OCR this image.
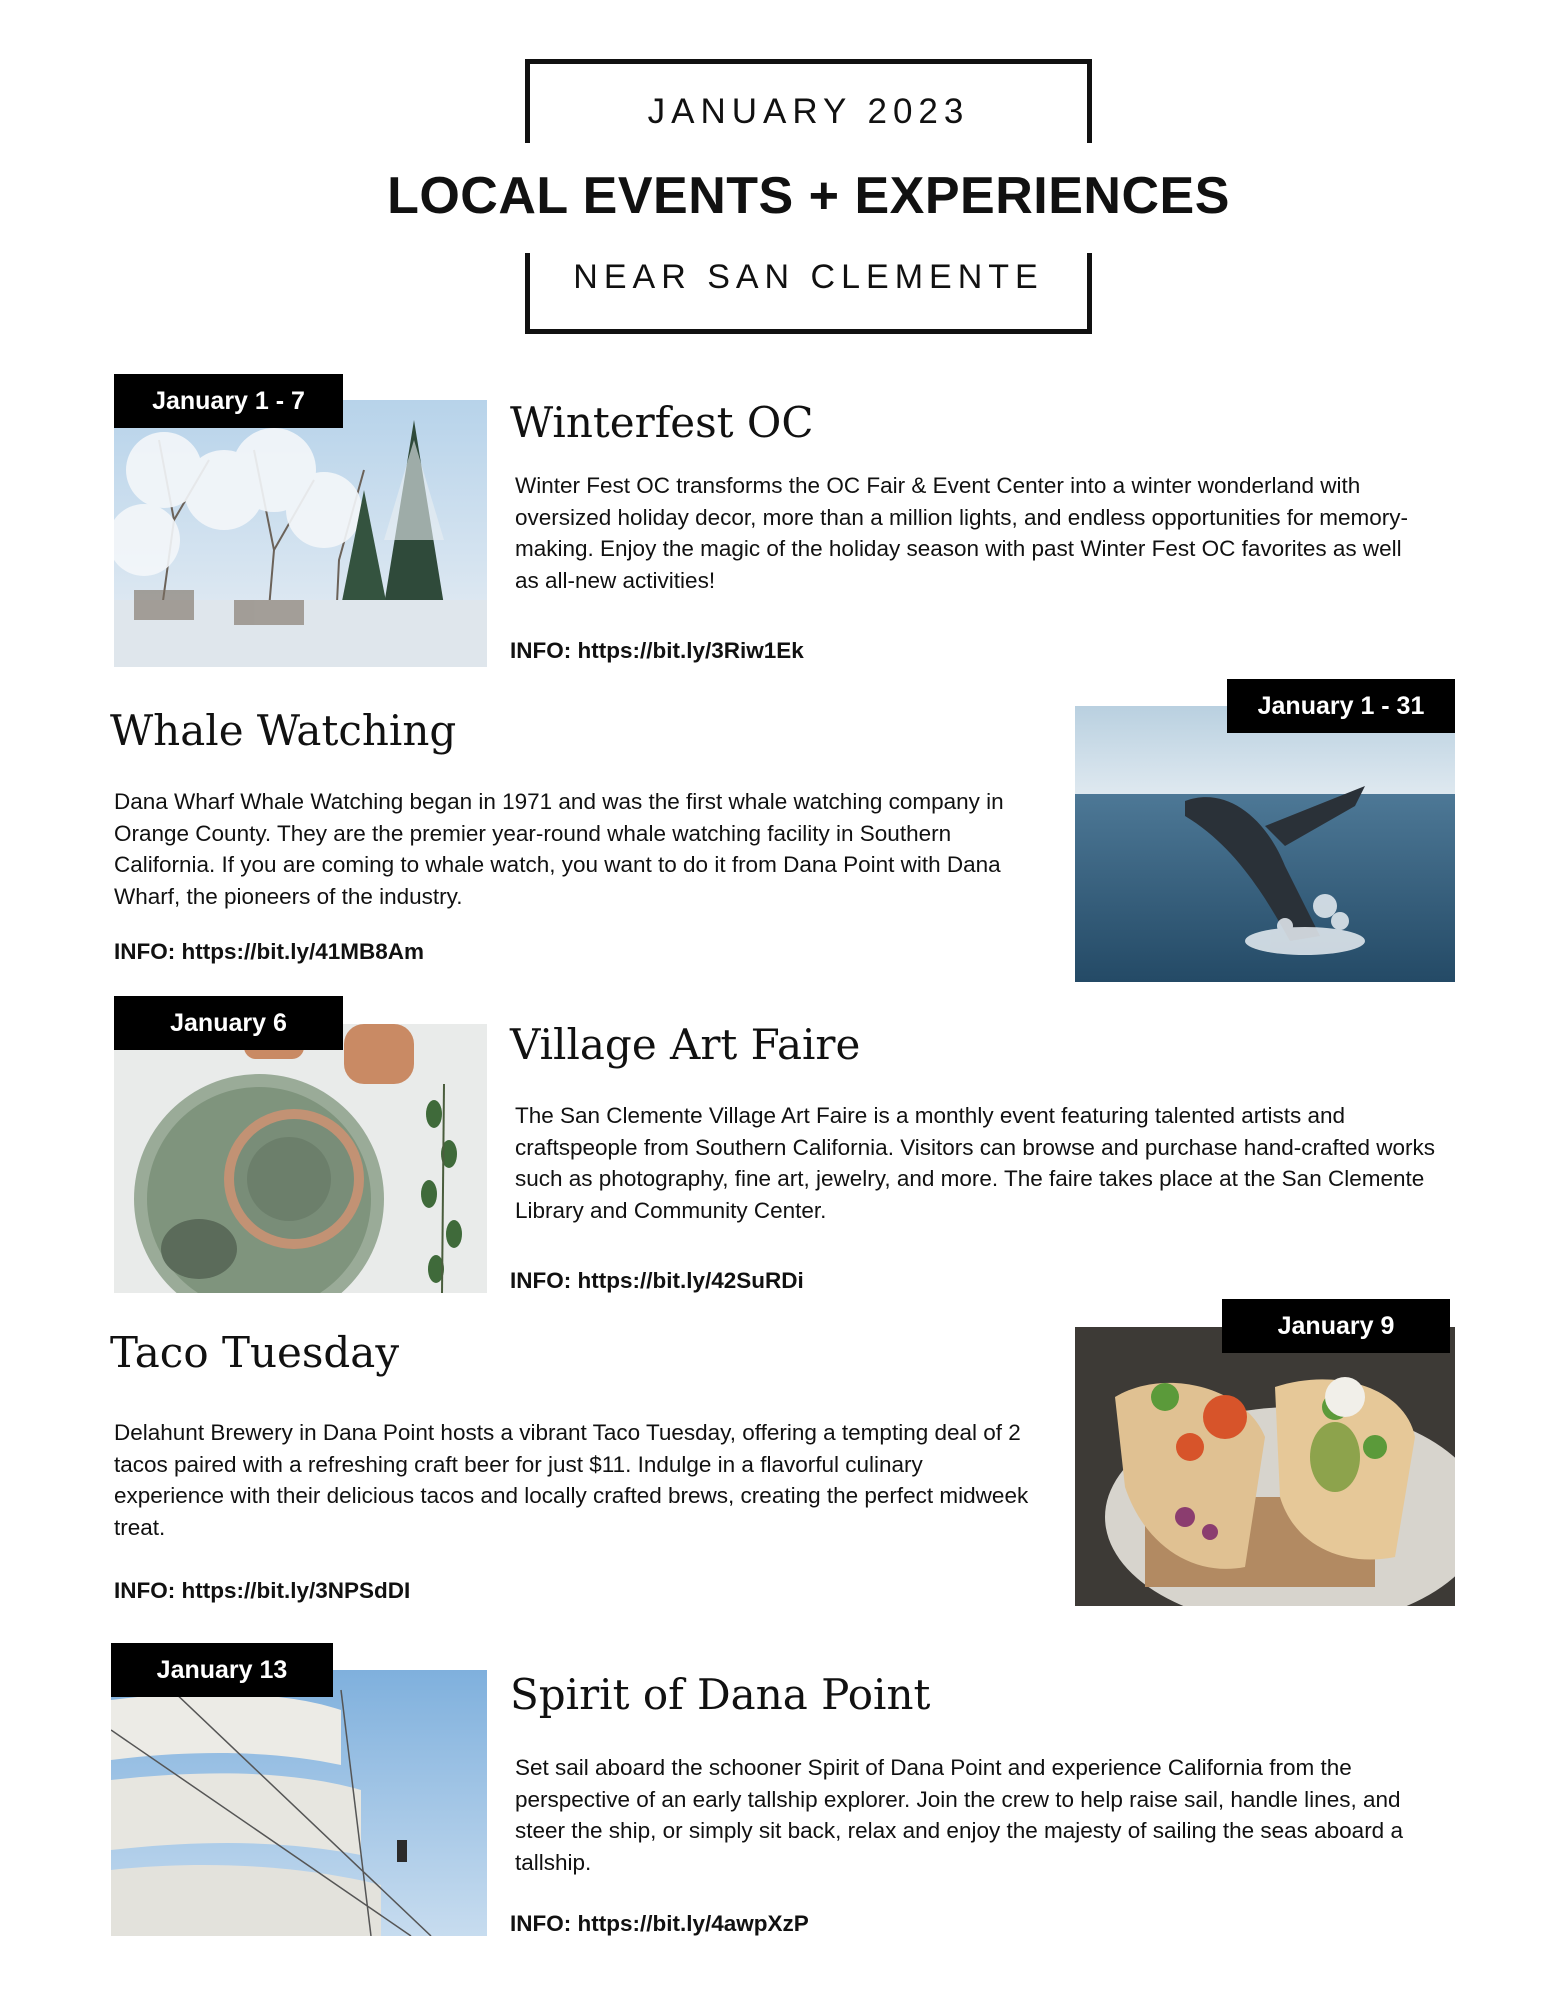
JANUARY 2023
LOCAL EVENTS + EXPERIENCES
NEAR SAN CLEMENTE
January 1 - 7	Winterfest OC
Winter Fest OC transforms the OC Fair & Event Center into a winter wonderland with oversized holiday decor, more than a million lights, and endless opportunities for memory-making. Enjoy the magic of the holiday season with past Winter Fest OC favorites as well as all-new activities!
INFO: https://bit.ly/3Riw1Ek
January 1 - 31
Whale Watching
Dana Wharf Whale Watching began in 1971 and was the first whale watching company in Orange County. They are the premier year-round whale watching facility in Southern California. If you are coming to whale watch, you want to do it from Dana Point with Dana Wharf, the pioneers of the industry.
INFO: https://bit.ly/41MB8Am
January 6	Village Art Faire
The San Clemente Village Art Faire is a monthly event featuring talented artists and craftspeople from Southern California. Visitors can browse and purchase hand-crafted works such as photography, fine art, jewelry, and more. The faire takes place at the San Clemente Library and Community Center.
INFO: https://bit.ly/42SuRDi
January 9
Taco Tuesday
Delahunt Brewery in Dana Point hosts a vibrant Taco Tuesday, offering a tempting deal of 2 tacos paired with a refreshing craft beer for just $11. Indulge in a flavorful culinary experience with their delicious tacos and locally crafted brews, creating the perfect midweek treat.
INFO: https://bit.ly/3NPSdDI
January 13
Spirit of Dana Point
Set sail aboard the schooner Spirit of Dana Point and experience California from the perspective of an early tallship explorer. Join the crew to help raise sail, handle lines, and steer the ship, or simply sit back, relax and enjoy the majesty of sailing the seas aboard a tallship.
INFO: https://bit.ly/4awpXzP
